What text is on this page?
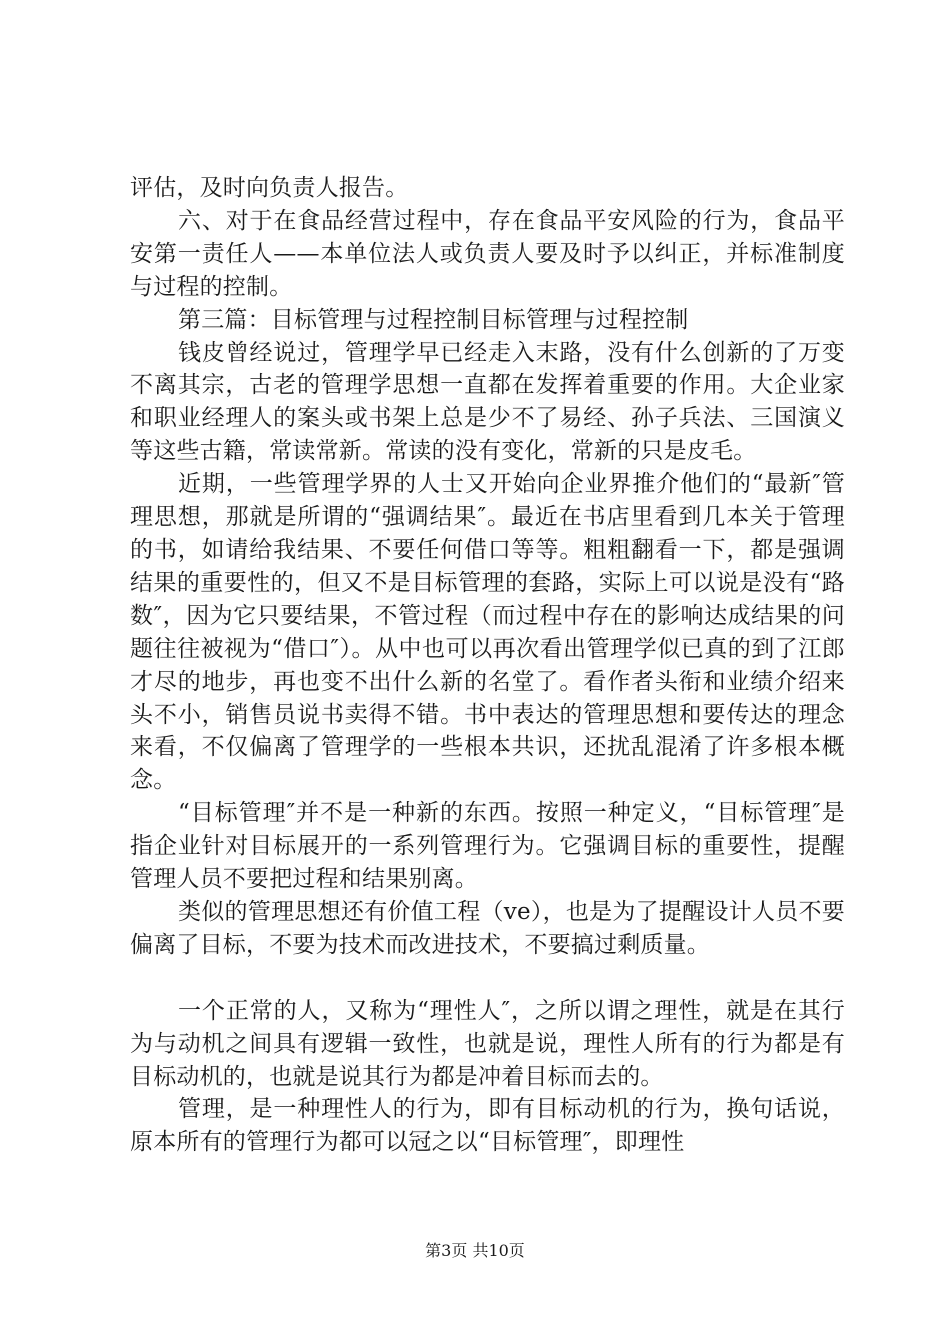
评估，及时向负责人报告。

六、对于在食品经营过程中，存在食品平安风险的行为，食品平安第一责任人——本单位法人或负责人要及时予以纠正，并标准制度与过程的控制。

第三篇：目标管理与过程控制目标管理与过程控制

钱皮曾经说过，管理学早已经走入末路，没有什么创新的了万变不离其宗，古老的管理学思想一直都在发挥着重要的作用。大企业家和职业经理人的案头或书架上总是少不了易经、孙子兵法、三国演义等这些古籍，常读常新。常读的没有变化，常新的只是皮毛。

近期，一些管理学界的人士又开始向企业界推介他们的“最新″管理思想，那就是所谓的“强调结果″。最近在书店里看到几本关于管理的书，如请给我结果、不要任何借口等等。粗粗翻看一下，都是强调结果的重要性的，但又不是目标管理的套路，实际上可以说是没有“路数″，因为它只要结果，不管过程（而过程中存在的影响达成结果的问题往往被视为“借口″）。从中也可以再次看出管理学似已真的到了江郎才尽的地步，再也变不出什么新的名堂了。看作者头衔和业绩介绍来头不小，销售员说书卖得不错。书中表达的管理思想和要传达的理念来看，不仅偏离了管理学的一些根本共识，还扰乱混淆了许多根本概念。

“目标管理″并不是一种新的东西。按照一种定义，“目标管理″是指企业针对目标展开的一系列管理行为。它强调目标的重要性，提醒管理人员不要把过程和结果别离。

类似的管理思想还有价值工程（ve），也是为了提醒设计人员不要偏离了目标，不要为技术而改进技术，不要搞过剩质量。

一个正常的人，又称为“理性人″，之所以谓之理性，就是在其行为与动机之间具有逻辑一致性，也就是说，理性人所有的行为都是有目标动机的，也就是说其行为都是冲着目标而去的。

管理，是一种理性人的行为，即有目标动机的行为，换句话说，原本所有的管理行为都可以冠之以“目标管理″，即理性

第3页 共10页
